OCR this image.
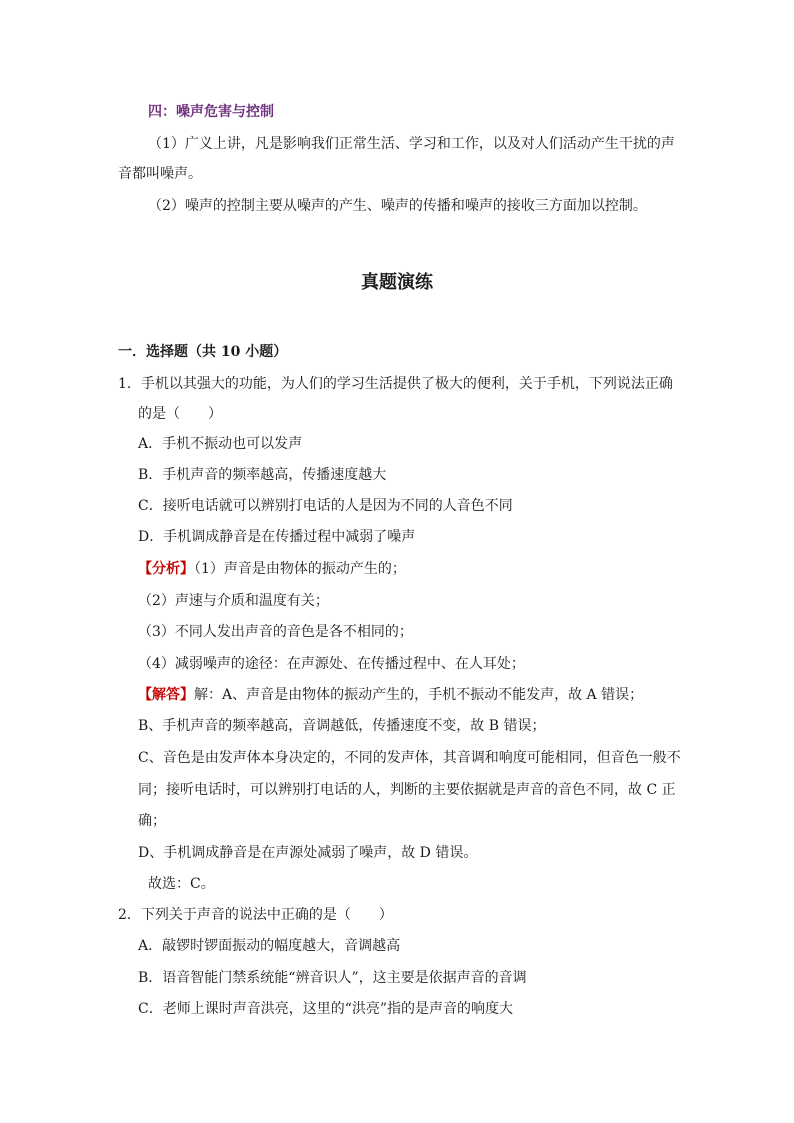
四：噪声危害与控制
（1）广义上讲，凡是影响我们正常生活、学习和工作，以及对人们活动产生干扰的声
音都叫噪声。
（2）噪声的控制主要从噪声的产生、噪声的传播和噪声的接收三方面加以控制。
真题演练
一．选择题（共 10 小题）
1．手机以其强大的功能，为人们的学习生活提供了极大的便利，关于手机，下列说法正确
的是（　　）
A．手机不振动也可以发声
B．手机声音的频率越高，传播速度越大
C．接听电话就可以辨别打电话的人是因为不同的人音色不同
D．手机调成静音是在传播过程中减弱了噪声
【分析】（1）声音是由物体的振动产生的；
（2）声速与介质和温度有关；
（3）不同人发出声音的音色是各不相同的；
（4）减弱噪声的途径：在声源处、在传播过程中、在人耳处；
【解答】解：A、声音是由物体的振动产生的，手机不振动不能发声，故 A 错误；
B、手机声音的频率越高，音调越低，传播速度不变，故 B 错误；
C、音色是由发声体本身决定的，不同的发声体，其音调和响度可能相同，但音色一般不
同；接听电话时，可以辨别打电话的人，判断的主要依据就是声音的音色不同，故 C 正
确；
D、手机调成静音是在声源处减弱了噪声，故 D 错误。
故选：C。
2．下列关于声音的说法中正确的是（　　）
A．敲锣时锣面振动的幅度越大，音调越高
B．语音智能门禁系统能“辨音识人”，这主要是依据声音的音调
C．老师上课时声音洪亮，这里的“洪亮”指的是声音的响度大
